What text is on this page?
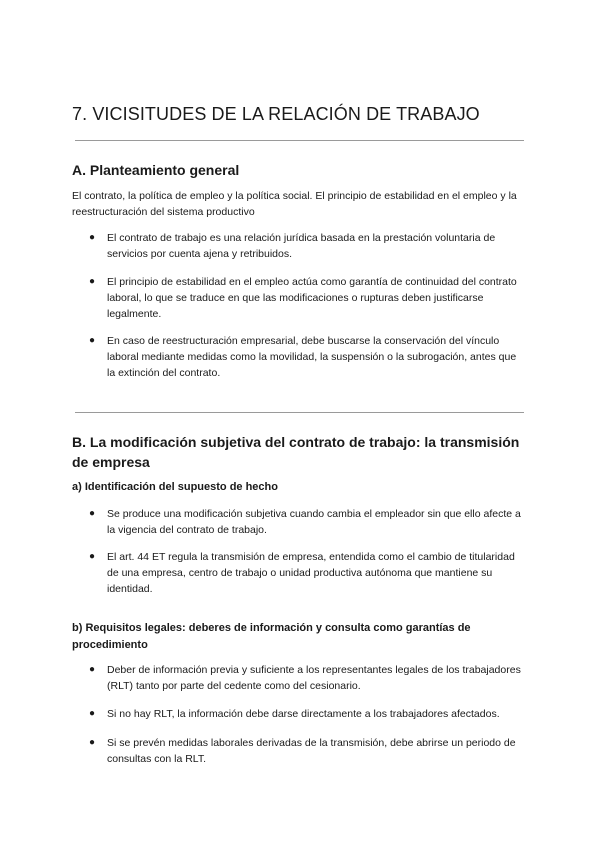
7. VICISITUDES DE LA RELACIÓN DE TRABAJO
A. Planteamiento general

El contrato, la política de empleo y la política social. El principio de estabilidad en el empleo y la reestructuración del sistema productivo

● El contrato de trabajo es una relación jurídica basada en la prestación voluntaria de servicios por cuenta ajena y retribuidos.
● El principio de estabilidad en el empleo actúa como garantía de continuidad del contrato laboral, lo que se traduce en que las modificaciones o rupturas deben justificarse legalmente.
● En caso de reestructuración empresarial, debe buscarse la conservación del vínculo laboral mediante medidas como la movilidad, la suspensión o la subrogación, antes que la extinción del contrato.
B. La modificación subjetiva del contrato de trabajo: la transmisión de empresa
a) Identificación del supuesto de hecho
● Se produce una modificación subjetiva cuando cambia el empleador sin que ello afecte a la vigencia del contrato de trabajo.
● El art. 44 ET regula la transmisión de empresa, entendida como el cambio de titularidad de una empresa, centro de trabajo o unidad productiva autónoma que mantiene su identidad.
b) Requisitos legales: deberes de información y consulta como garantías de procedimiento
● Deber de información previa y suficiente a los representantes legales de los trabajadores (RLT) tanto por parte del cedente como del cesionario.
● Si no hay RLT, la información debe darse directamente a los trabajadores afectados.
● Si se prevén medidas laborales derivadas de la transmisión, debe abrirse un periodo de consultas con la RLT.
